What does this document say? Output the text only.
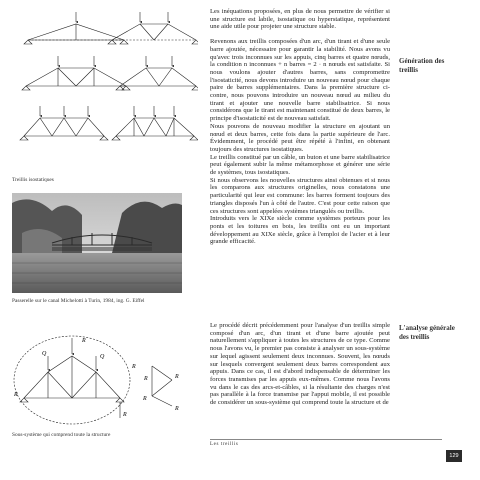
Treillis isostatiques
Passerelle sur le canal Michelotti à Turin, 1984, ing. G. Eiffel
Q
R
Q
R
R
R
R
R
R
R
Sous-système qui comprend toute la structure

Les inéquations proposées, en plus de nous permettre de vérifier si une structure est labile, isostatique ou hyperstatique, représentent une aide utile pour projeter une structure stable.

Revenons aux treillis composées d'un arc, d'un tirant et d'une seule barre ajoutée, nécessaire pour garantir la stabilité. Nous avons vu qu'avec trois inconnues sur les appuis, cinq barres et quatre nœuds, la condition n inconnues + n barres = 2 · n nœuds est satisfaite. Si nous voulons ajouter d'autres barres, sans compromettre l'isostaticité, nous devons introduire un nouveau nœud pour chaque paire de barres supplémentaires. Dans la première structure ci-contre, nous pouvons introduire un nouveau nœud au milieu du tirant et ajouter une nouvelle barre stabilisatrice. Si nous considérons que le tirant est maintenant constitué de deux barres, le principe d'isostaticité est de nouveau satisfait.

Nous pouvons de nouveau modifier la structure en ajoutant un nœud et deux barres, cette fois dans la partie supérieure de l'arc. Évidemment, le procédé peut être répété à l'infini, en obtenant toujours des structures isostatiques.

Le treillis constitué par un câble, un buton et une barre stabilisatrice peut également subir la même métamorphose et générer une série de systèmes, tous isostatiques.

Si nous observons les nouvelles structures ainsi obtenues et si nous les comparons aux structures originelles, nous constatons une particularité qui leur est commune: les barres forment toujours des triangles disposés l'un à côté de l'autre. C'est pour cette raison que ces structures sont appelées systèmes triangulés ou treillis.

Introduits vers le XIXe siècle comme systèmes porteurs pour les ponts et les toitures en bois, les treillis ont eu un important développement au XIXe siècle, grâce à l'emploi de l'acier et à leur grande efficacité.

Le procédé décrit précédemment pour l'analyse d'un treillis simple composé d'un arc, d'un tirant et d'une barre ajoutée peut naturellement s'appliquer à toutes les structures de ce type. Comme nous l'avons vu, le premier pas consiste à analyser un sous-système sur lequel agissent seulement deux inconnues. Souvent, les nœuds sur lesquels convergent seulement deux barres correspondent aux appuis. Dans ce cas, il est d'abord indispensable de déterminer les forces transmises par les appuis eux-mêmes. Comme nous l'avons vu dans le cas des arcs-et-câbles, si la résultante des charges n'est pas parallèle à la force transmise par l'appui mobile, il est possible de considérer un sous-système qui comprend toute la structure et de

Génération des treillis
L'analyse générale des treillis
Les treillis
129
